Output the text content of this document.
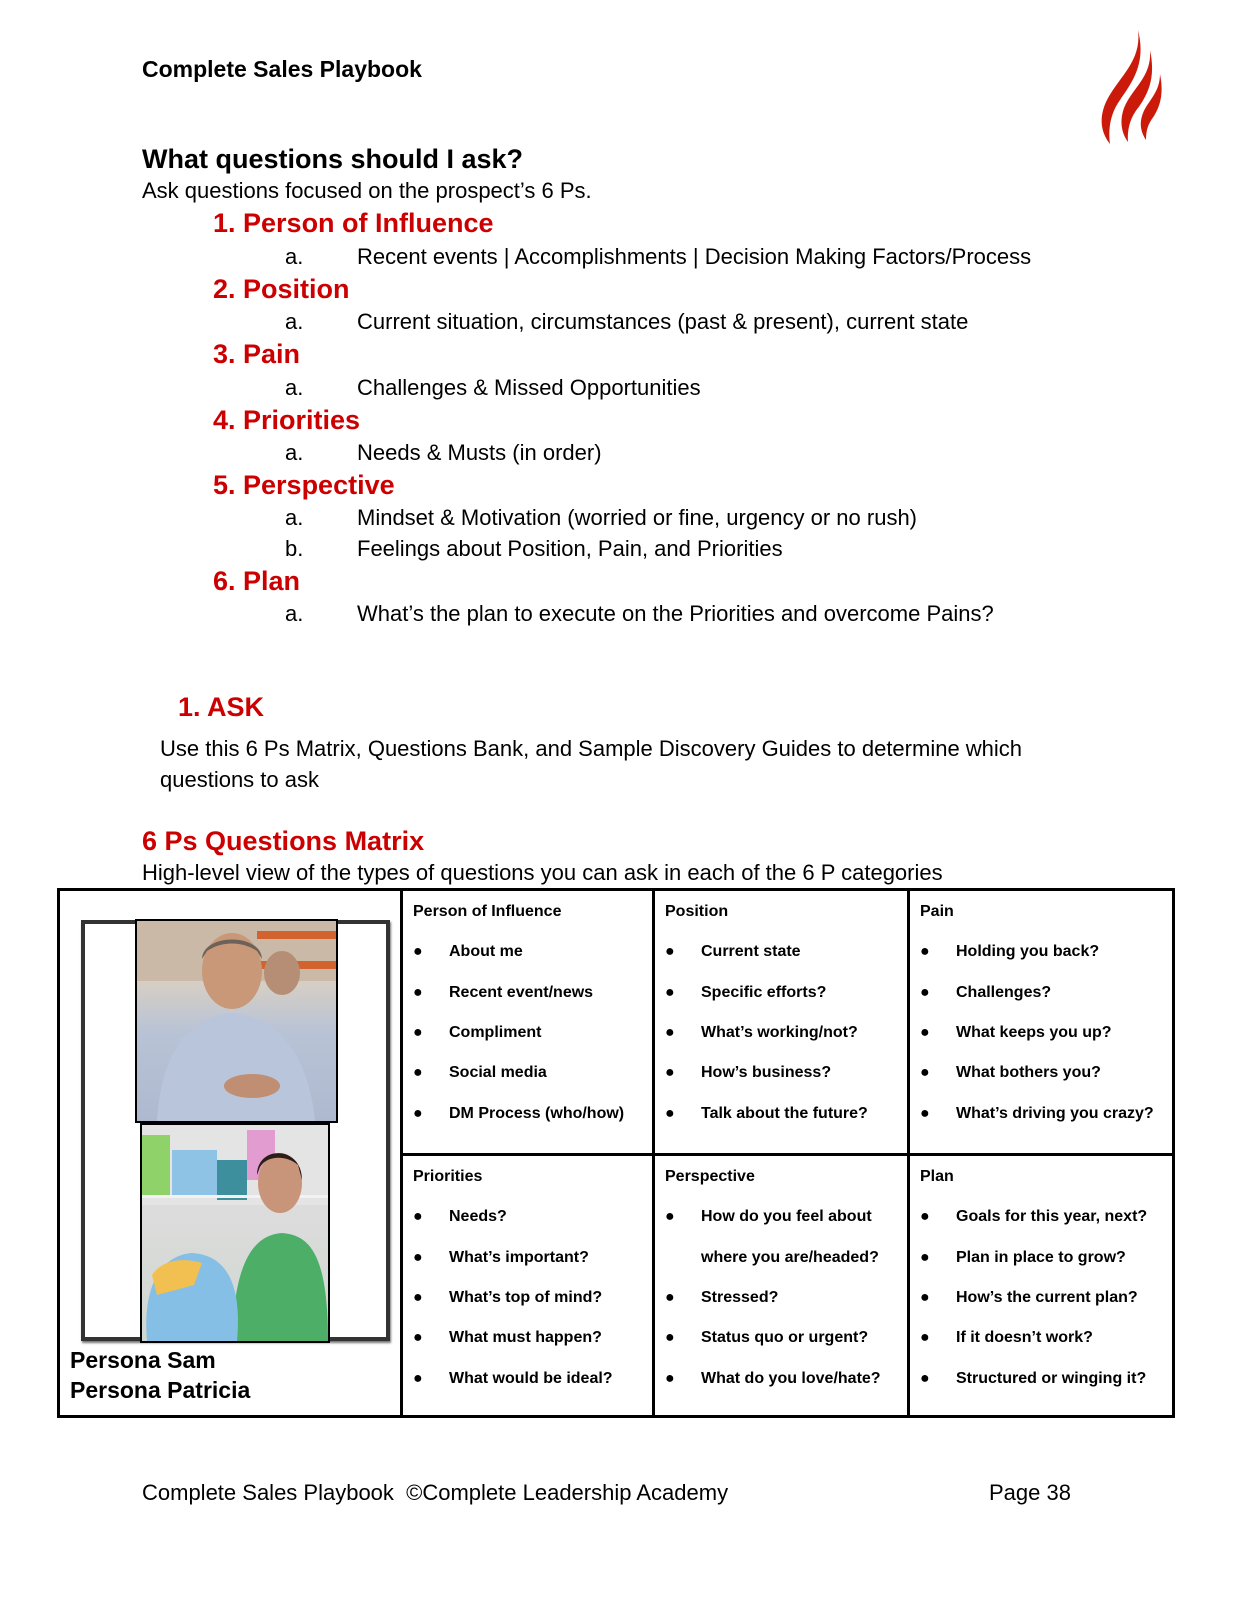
Complete Sales Playbook
What questions should I ask?
Ask questions focused on the prospect’s 6 Ps.
1. Person of Influence
a. Recent events | Accomplishments | Decision Making Factors/Process
2. Position
a. Current situation, circumstances (past & present), current state
3. Pain
a. Challenges & Missed Opportunities
4. Priorities
a. Needs & Musts (in order)
5. Perspective
a. Mindset & Motivation (worried or fine, urgency or no rush)
b. Feelings about Position, Pain, and Priorities
6. Plan
a. What’s the plan to execute on the Priorities and overcome Pains?
1. ASK
Use this 6 Ps Matrix, Questions Bank, and Sample Discovery Guides to determine which questions to ask
6 Ps Questions Matrix
High-level view of the types of questions you can ask in each of the 6 P categories
Persona Sam
Persona Patricia
Person of Influence
● About me
● Recent event/news
● Compliment
● Social media
● DM Process (who/how)
Position
● Current state
● Specific efforts?
● What’s working/not?
● How’s business?
● Talk about the future?
Pain
● Holding you back?
● Challenges?
● What keeps you up?
● What bothers you?
● What’s driving you crazy?
Priorities
● Needs?
● What’s important?
● What’s top of mind?
● What must happen?
● What would be ideal?
Perspective
● How do you feel about
where you are/headed?
● Stressed?
● Status quo or urgent?
● What do you love/hate?
Plan
● Goals for this year, next?
● Plan in place to grow?
● How’s the current plan?
● If it doesn’t work?
● Structured or winging it?
Complete Sales Playbook  ©Complete Leadership Academy	Page 38
